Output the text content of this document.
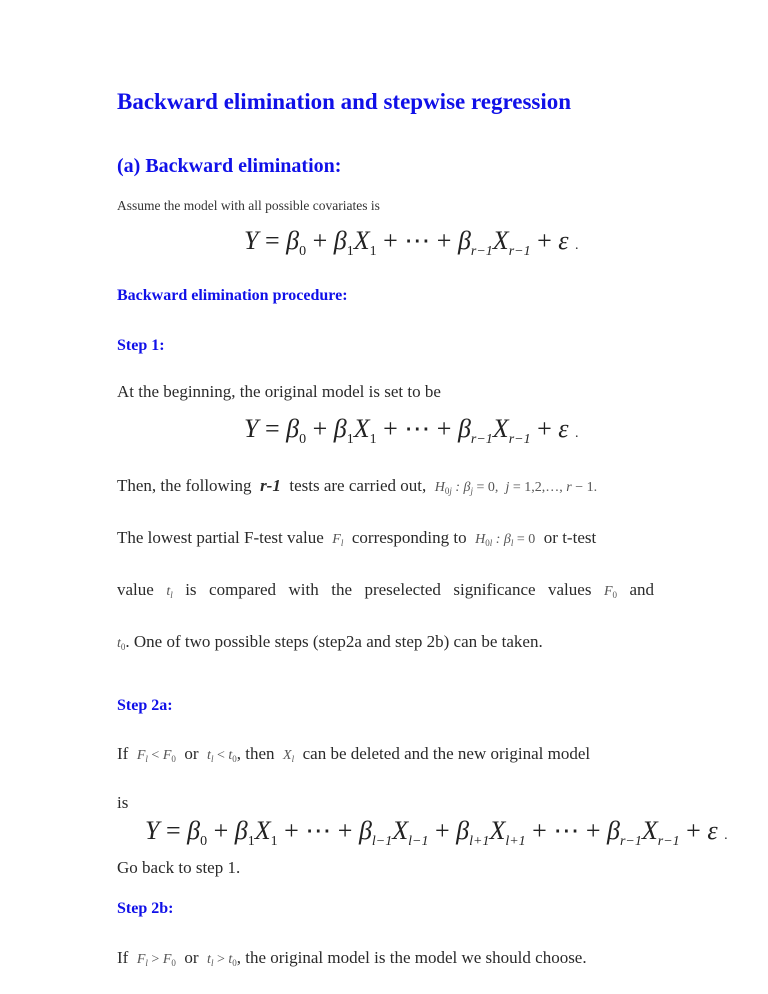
Backward elimination and stepwise regression
(a) Backward elimination:
Assume the model with all possible covariates is
$Y = \beta_0 + \beta_1X_1$ + ⋯ + $\beta_{r-1}X_{r-1} + \varepsilon$ .
Backward elimination procedure:
Step 1:
At the beginning, the original model is set to be
$Y = \beta_0 + \beta_1X_1$ + ⋯ + $\beta_{r-1}X_{r-1} + \varepsilon$ .
Then, the following r-1 tests are carried out, $H_{0j}$ : $\beta_j = 0$,  j = 1,2,…, r − 1.
The lowest partial F-test value $F_l$ corresponding to $H_{0l}$ : $\beta_l = 0$ or t-test
value $t_l$ is compared with the preselected significance values $F_0$ and
$t_0$. One of two possible steps (step2a and step 2b) can be taken.
Step 2a:
If $F_l < F_0$ or $t_l < t_0$, then $X_l$ can be deleted and the new original model
is
$Y = \beta_0 + \beta_1X_1$ + ⋯ + $\beta_{l-1}X_{l-1} + \beta_{l+1}X_{l+1}$ + ⋯ + $\beta_{r-1}X_{r-1} + \varepsilon$ .
Go back to step 1.
Step 2b:
If $F_l > F_0$ or $t_l > t_0$, the original model is the model we should choose.
